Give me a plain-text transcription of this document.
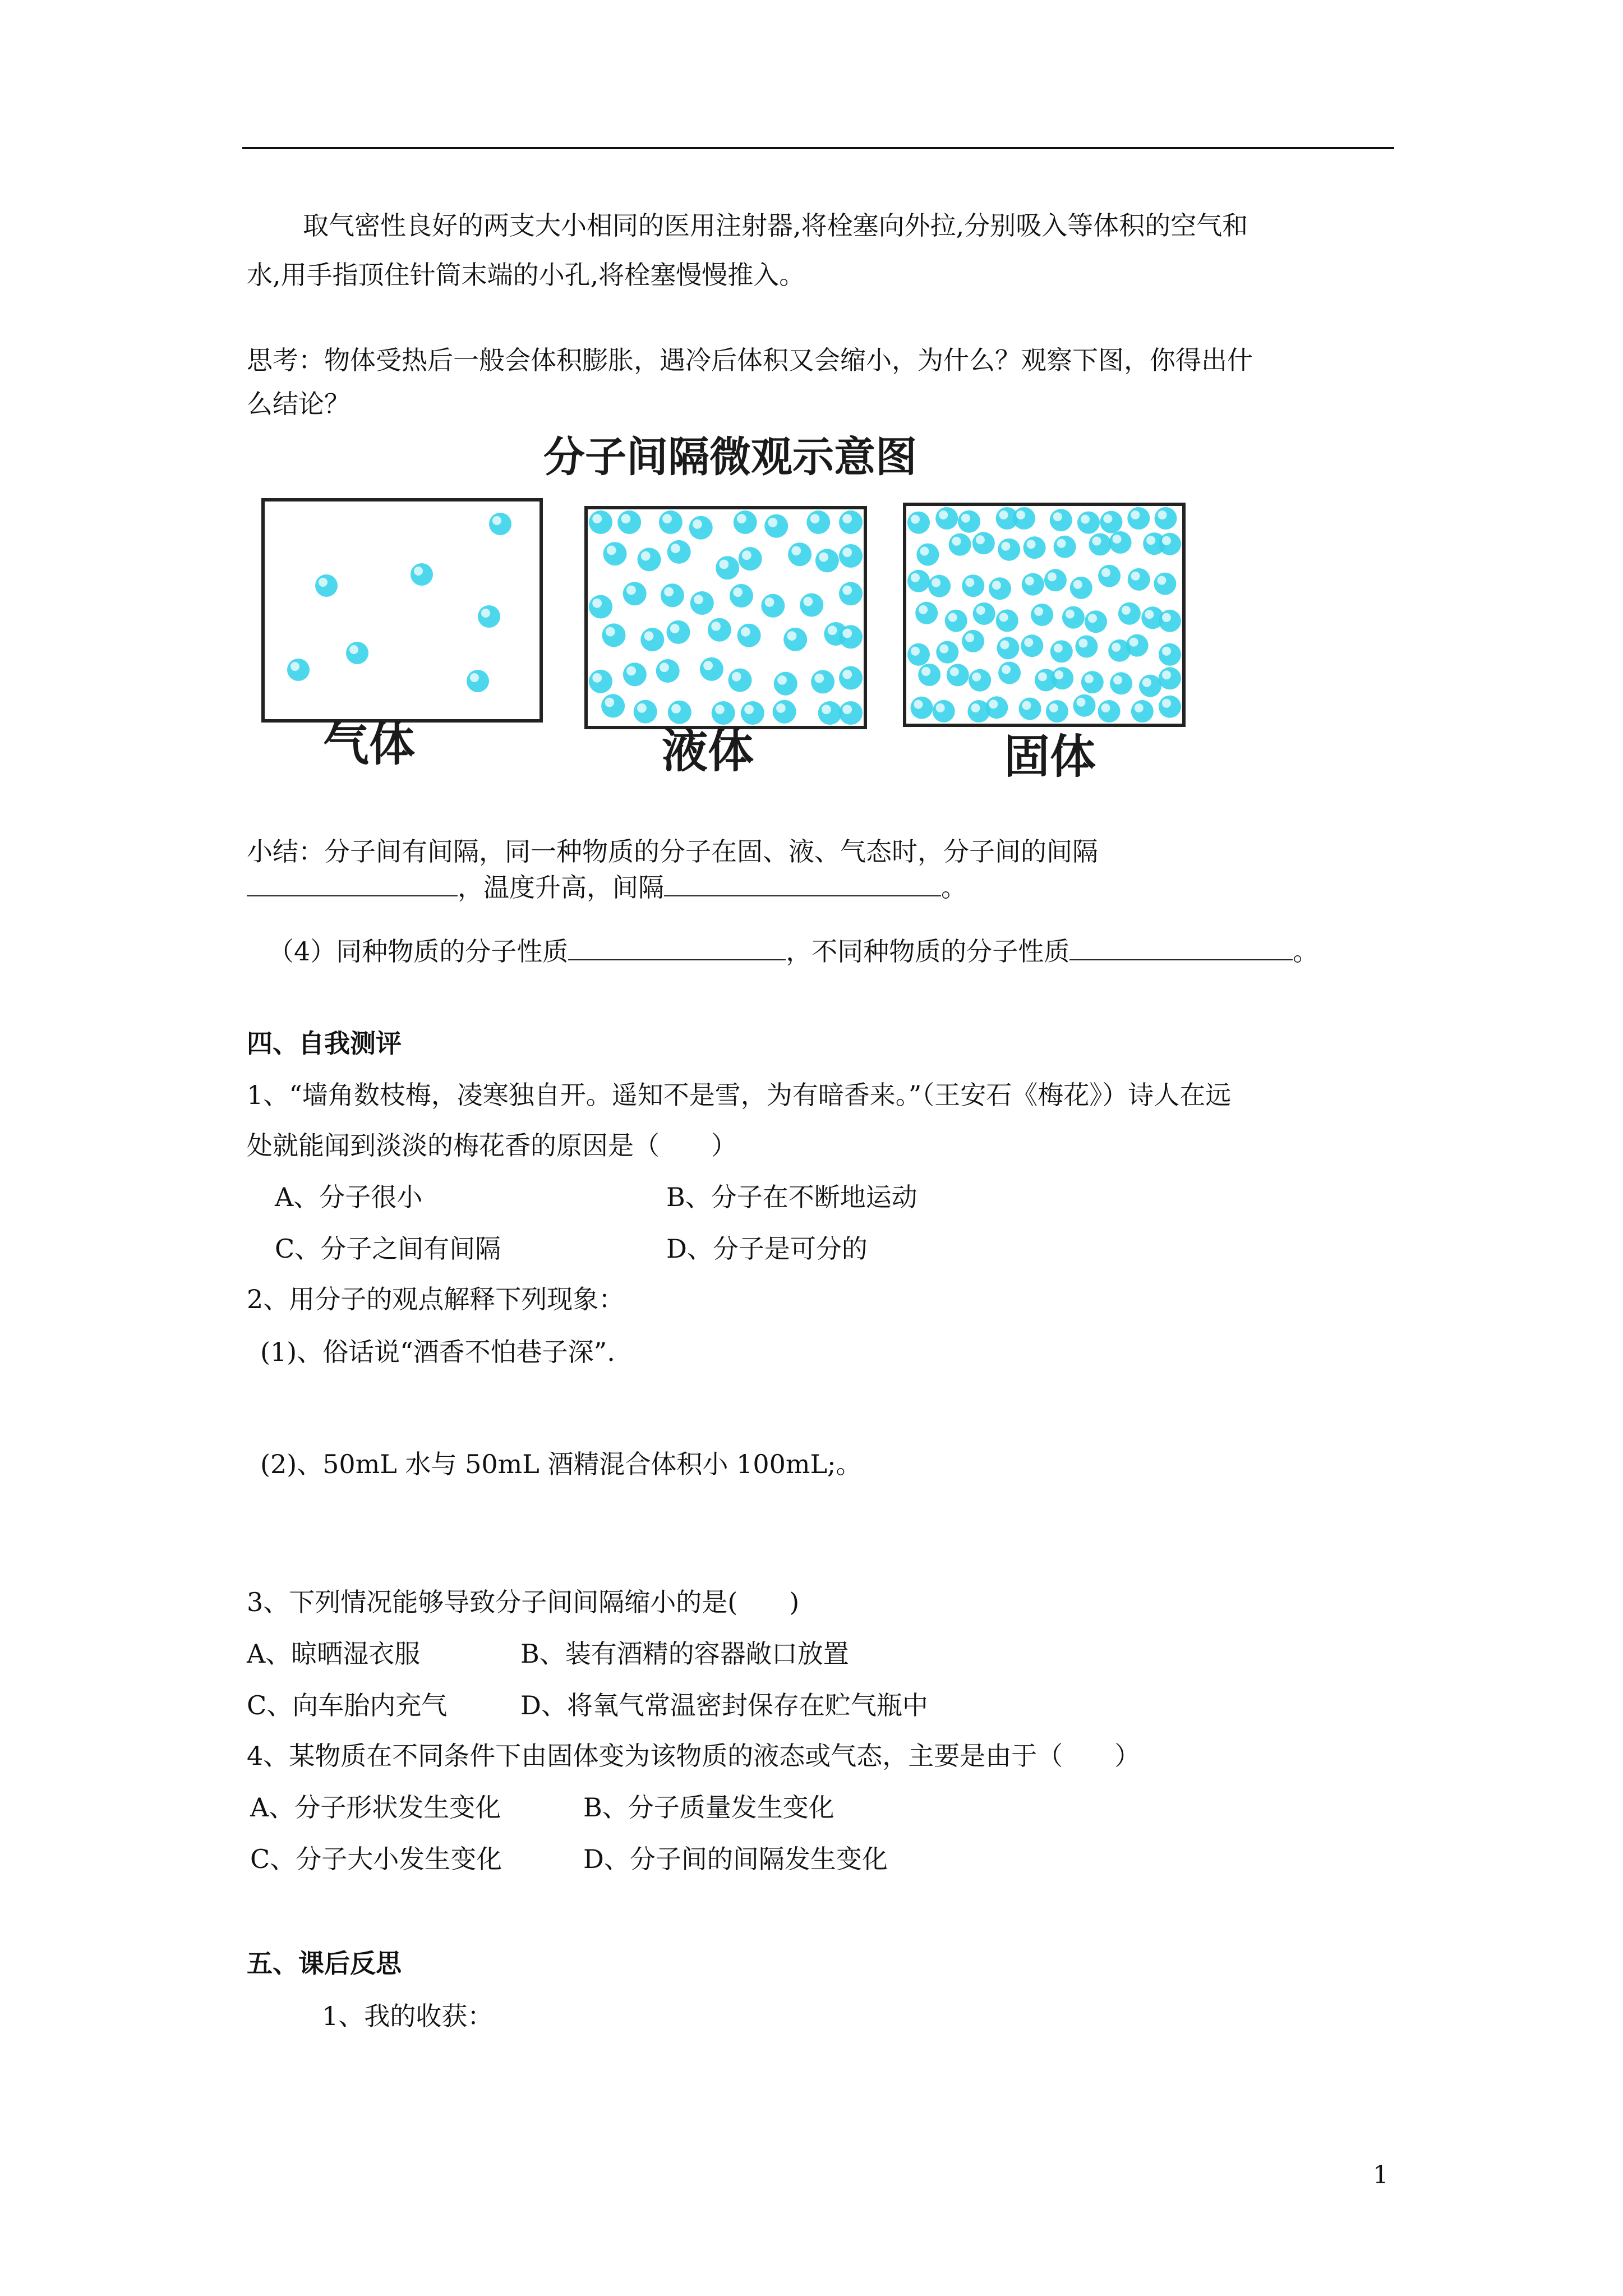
取气密性良好的两支大小相同的医用注射器,将栓塞向外拉,分别吸入等体积的空气和
水,用手指顶住针筒末端的小孔,将栓塞慢慢推入。
思考：物体受热后一般会体积膨胀，遇冷后体积又会缩小，为什么？观察下图，你得出什
么结论？
分子间隔微观示意图
气体	液体	固体
小结：分子间有间隔，同一种物质的分子在固、液、气态时，分子间的间隔
，温度升高，间隔	。
（4）同种物质的分子性质	，不同种物质的分子性质	。
四、自我测评
1、“墙角数枝梅，凌寒独自开。遥知不是雪，为有暗香来。”（王安石《梅花》）诗人在远
处就能闻到淡淡的梅花香的原因是（　　）
A、分子很小	B、分子在不断地运动
C、分子之间有间隔	D、分子是可分的
2、用分子的观点解释下列现象：
(1)、俗话说“酒香不怕巷子深”.
(2)、50mL 水与 50mL 酒精混合体积小 100mL;。
3、下列情况能够导致分子间间隔缩小的是(　　)
A、晾晒湿衣服	B、装有酒精的容器敞口放置
C、向车胎内充气	D、将氧气常温密封保存在贮气瓶中
4、某物质在不同条件下由固体变为该物质的液态或气态，主要是由于（　　）
A、分子形状发生变化	B、分子质量发生变化
C、分子大小发生变化	D、分子间的间隔发生变化
五、课后反思
1、我的收获：
1
